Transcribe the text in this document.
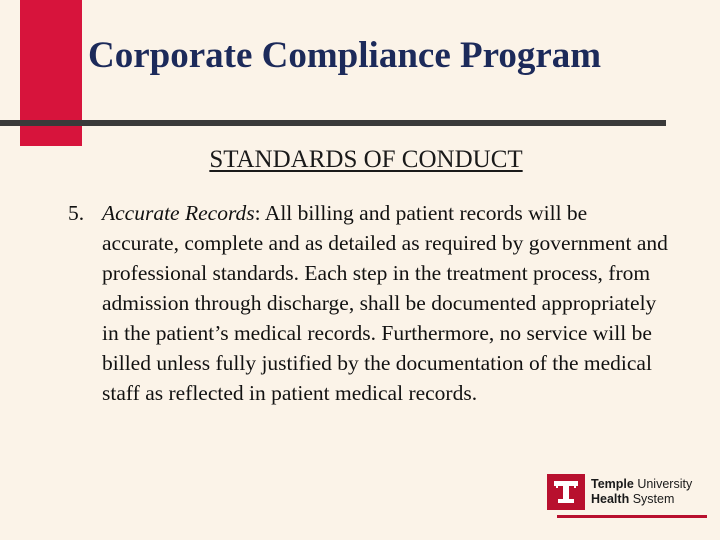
Corporate Compliance Program
STANDARDS OF CONDUCT
5. Accurate Records: All billing and patient records will be accurate, complete and as detailed as required by government and professional standards. Each step in the treatment process, from admission through discharge, shall be documented appropriately in the patient’s medical records. Furthermore, no service will be billed unless fully justified by the documentation of the medical staff as reflected in patient medical records.
Temple University
Health System
